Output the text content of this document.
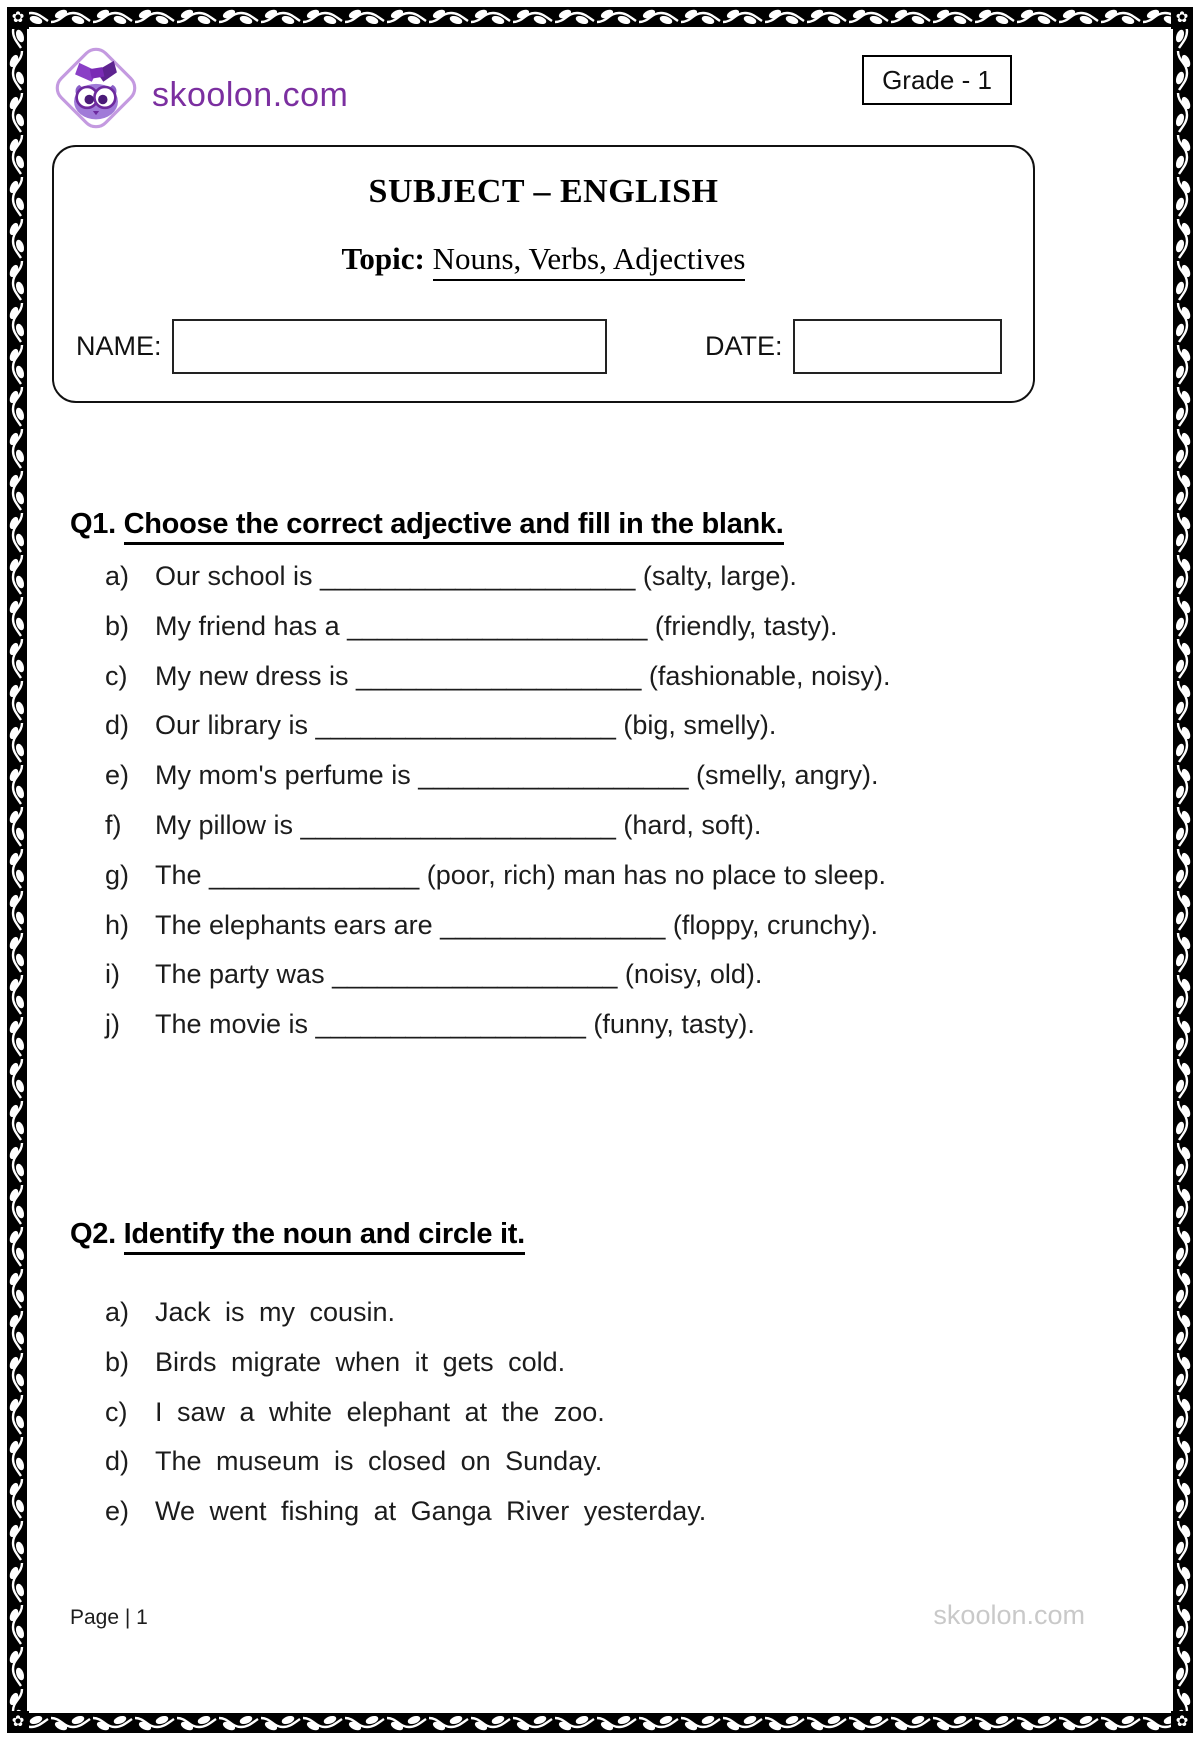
✿	✿
✿	✿
skoolon.com	Grade - 1
SUBJECT – ENGLISH
Topic: Nouns, Verbs, Adjectives
NAME:	DATE:
Q1. Choose the correct adjective and fill in the blank.
a) Our school is _____________________ (salty, large).
b) My friend has a ____________________ (friendly, tasty).
c)	My new dress is ___________________ (fashionable, noisy).
d) Our library is ____________________ (big, smelly).
e) My mom's perfume is __________________ (smelly, angry).
f)	My pillow is _____________________ (hard, soft).
g) The ______________ (poor, rich) man has no place to sleep.
h) The elephants ears are _______________ (floppy, crunchy).
i)	The party was ___________________ (noisy, old).
j)	The movie is __________________ (funny, tasty).
Q2. Identify the noun and circle it.
a) Jack is my cousin.
b) Birds migrate when it gets cold.
c)	I saw a white elephant at the zoo.
d) The museum is closed on Sunday.
e) We went fishing at Ganga River yesterday.
Page | 1	skoolon.com
